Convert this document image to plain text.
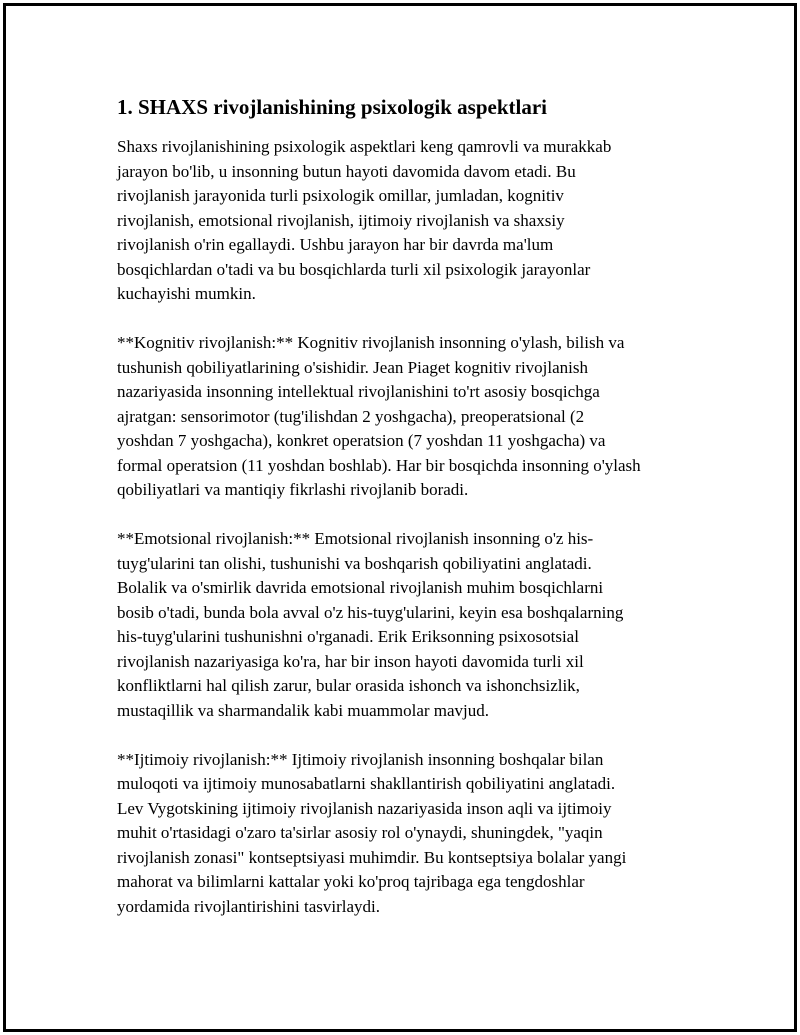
1. SHAXS rivojlanishining psixologik aspektlari

Shaxs rivojlanishining psixologik aspektlari keng qamrovli va murakkab
jarayon bo'lib, u insonning butun hayoti davomida davom etadi. Bu
rivojlanish jarayonida turli psixologik omillar, jumladan, kognitiv
rivojlanish, emotsional rivojlanish, ijtimoiy rivojlanish va shaxsiy
rivojlanish o'rin egallaydi. Ushbu jarayon har bir davrda ma'lum
bosqichlardan o'tadi va bu bosqichlarda turli xil psixologik jarayonlar
kuchayishi mumkin.

**Kognitiv rivojlanish:** Kognitiv rivojlanish insonning o'ylash, bilish va
tushunish qobiliyatlarining o'sishidir. Jean Piaget kognitiv rivojlanish
nazariyasida insonning intellektual rivojlanishini to'rt asosiy bosqichga
ajratgan: sensorimotor (tug'ilishdan 2 yoshgacha), preoperatsional (2
yoshdan 7 yoshgacha), konkret operatsion (7 yoshdan 11 yoshgacha) va
formal operatsion (11 yoshdan boshlab). Har bir bosqichda insonning o'ylash
qobiliyatlari va mantiqiy fikrlashi rivojlanib boradi.

**Emotsional rivojlanish:** Emotsional rivojlanish insonning o'z his-
tuyg'ularini tan olishi, tushunishi va boshqarish qobiliyatini anglatadi.
Bolalik va o'smirlik davrida emotsional rivojlanish muhim bosqichlarni
bosib o'tadi, bunda bola avval o'z his-tuyg'ularini, keyin esa boshqalarning
his-tuyg'ularini tushunishni o'rganadi. Erik Eriksonning psixosotsial
rivojlanish nazariyasiga ko'ra, har bir inson hayoti davomida turli xil
konfliktlarni hal qilish zarur, bular orasida ishonch va ishonchsizlik,
mustaqillik va sharmandalik kabi muammolar mavjud.

**Ijtimoiy rivojlanish:** Ijtimoiy rivojlanish insonning boshqalar bilan
muloqoti va ijtimoiy munosabatlarni shakllantirish qobiliyatini anglatadi.
Lev Vygotskining ijtimoiy rivojlanish nazariyasida inson aqli va ijtimoiy
muhit o'rtasidagi o'zaro ta'sirlar asosiy rol o'ynaydi, shuningdek, "yaqin
rivojlanish zonasi" kontseptsiyasi muhimdir. Bu kontseptsiya bolalar yangi
mahorat va bilimlarni kattalar yoki ko'proq tajribaga ega tengdoshlar
yordamida rivojlantirishini tasvirlaydi.
